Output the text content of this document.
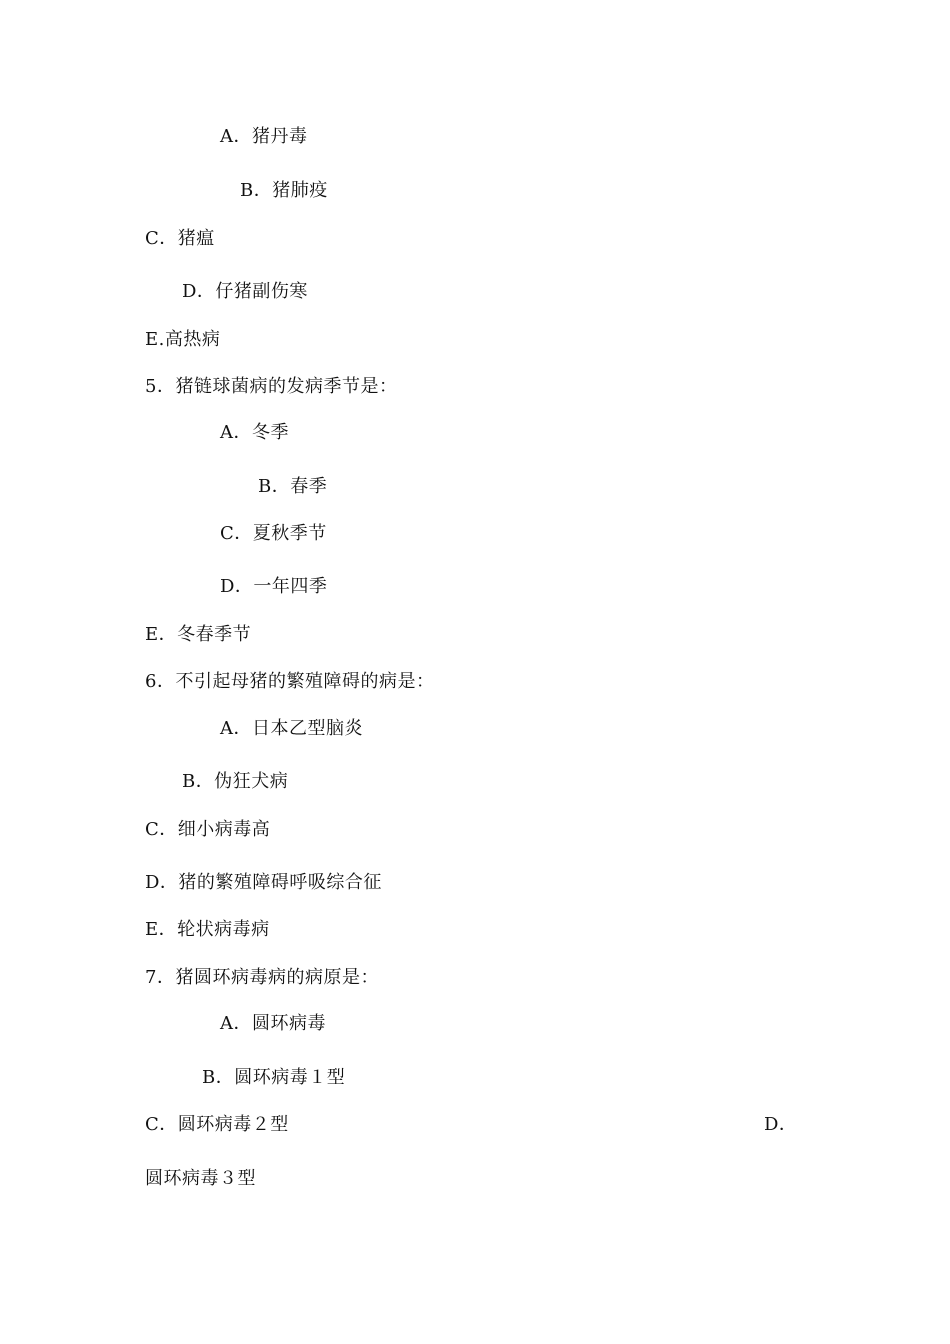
A．猪丹毒
B．猪肺疫
C．猪瘟
D．仔猪副伤寒
E.高热病
5．猪链球菌病的发病季节是：
A．冬季
B．春季
C．夏秋季节
D．一年四季
E．冬春季节
6．不引起母猪的繁殖障碍的病是：
A．日本乙型脑炎
B．伪狂犬病
C．细小病毒高
D．猪的繁殖障碍呼吸综合征
E．轮状病毒病
7．猪圆环病毒病的病原是：
A．圆环病毒
B．圆环病毒１型
C．圆环病毒２型	D．
圆环病毒３型
